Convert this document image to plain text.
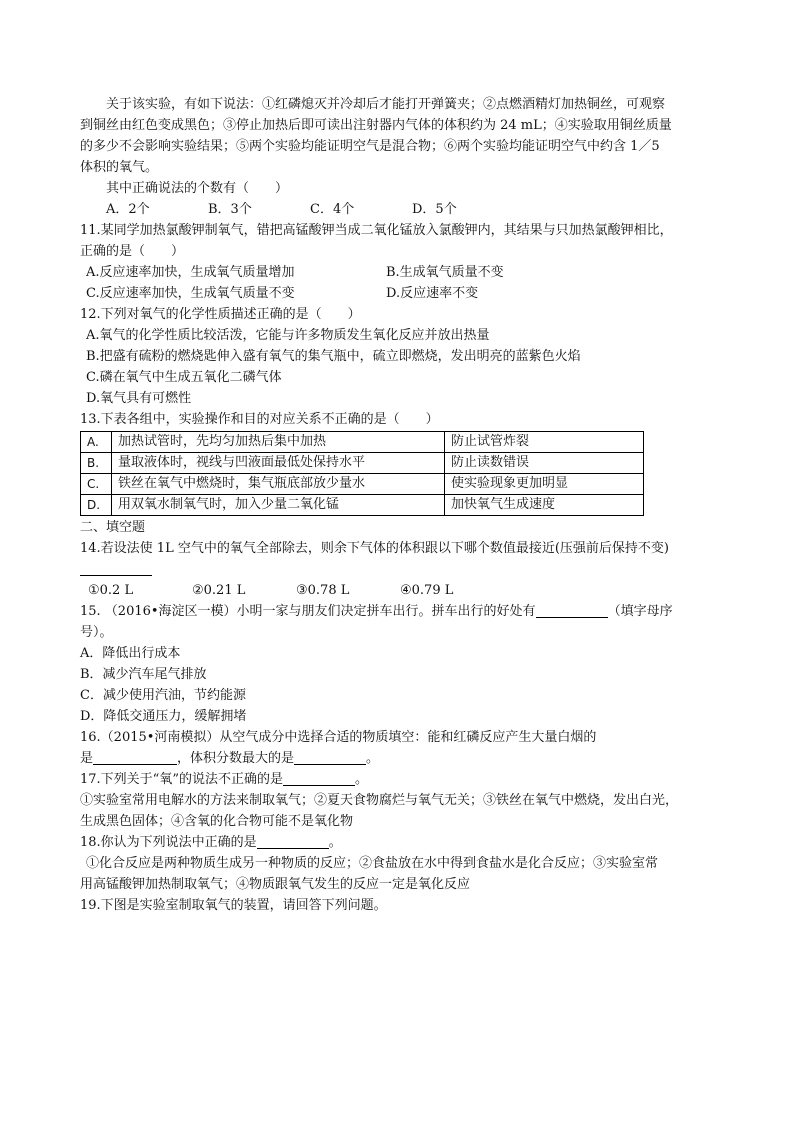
关于该实验，有如下说法：①红磷熄灭并冷却后才能打开弹簧夹；②点燃酒精灯加热铜丝，可观察

到铜丝由红色变成黑色；③停止加热后即可读出注射器内气体的体积约为 24 mL；④实验取用铜丝质量

的多少不会影响实验结果；⑤两个实验均能证明空气是混合物；⑥两个实验均能证明空气中约含 1／5

体积的氧气。

其中正确说法的个数有（　　）

A．2个	B．3个	C．4个	D．5个

11.某同学加热氯酸钾制氧气，错把高锰酸钾当成二氧化锰放入氯酸钾内，其结果与只加热氯酸钾相比，

正确的是（　　）

A.反应速率加快，生成氧气质量增加	B.生成氧气质量不变
C.反应速率加快，生成氧气质量不变	D.反应速率不变

12.下列对氧气的化学性质描述正确的是（　　）

A.氧气的化学性质比较活泼，它能与许多物质发生氧化反应并放出热量

B.把盛有硫粉的燃烧匙伸入盛有氧气的集气瓶中，硫立即燃烧，发出明亮的蓝紫色火焰

C.磷在氧气中生成五氧化二磷气体

D.氧气具有可燃性

13.下表各组中，实验操作和目的对应关系不正确的是（　　）

A.	加热试管时，先均匀加热后集中加热	防止试管炸裂
B.	量取液体时，视线与凹液面最低处保持水平	防止读数错误
C.	铁丝在氧气中燃烧时，集气瓶底部放少量水	使实验现象更加明显
D.	用双氧水制氧气时，加入少量二氧化锰	加快氧气生成速度

二、填空题

14.若设法使 1L 空气中的氧气全部除去，则余下气体的体积跟以下哪个数值最接近(压强前后保持不变)

①0.2 L	②0.21 L	③0.78 L	④0.79 L

15. （2016•海淀区一模）小明一家与朋友们决定拼车出行。拼车出行的好处有	（填字母序

号）。

A．降低出行成本

B．减少汽车尾气排放

C．减少使用汽油，节约能源

D．降低交通压力，缓解拥堵

16.（2015•河南模拟）从空气成分中选择合适的物质填空：能和红磷反应产生大量白烟的

是	，体积分数最大的是	。

17.下列关于“氧”的说法不正确的是	。

①实验室常用电解水的方法来制取氧气；②夏天食物腐烂与氧气无关；③铁丝在氧气中燃烧，发出白光，

生成黑色固体；④含氧的化合物可能不是氧化物

18.你认为下列说法中正确的是	。

①化合反应是两种物质生成另一种物质的反应；②食盐放在水中得到食盐水是化合反应；③实验室常

用高锰酸钾加热制取氧气；④物质跟氧气发生的反应一定是氧化反应

19.下图是实验室制取氧气的装置，请回答下列问题。
